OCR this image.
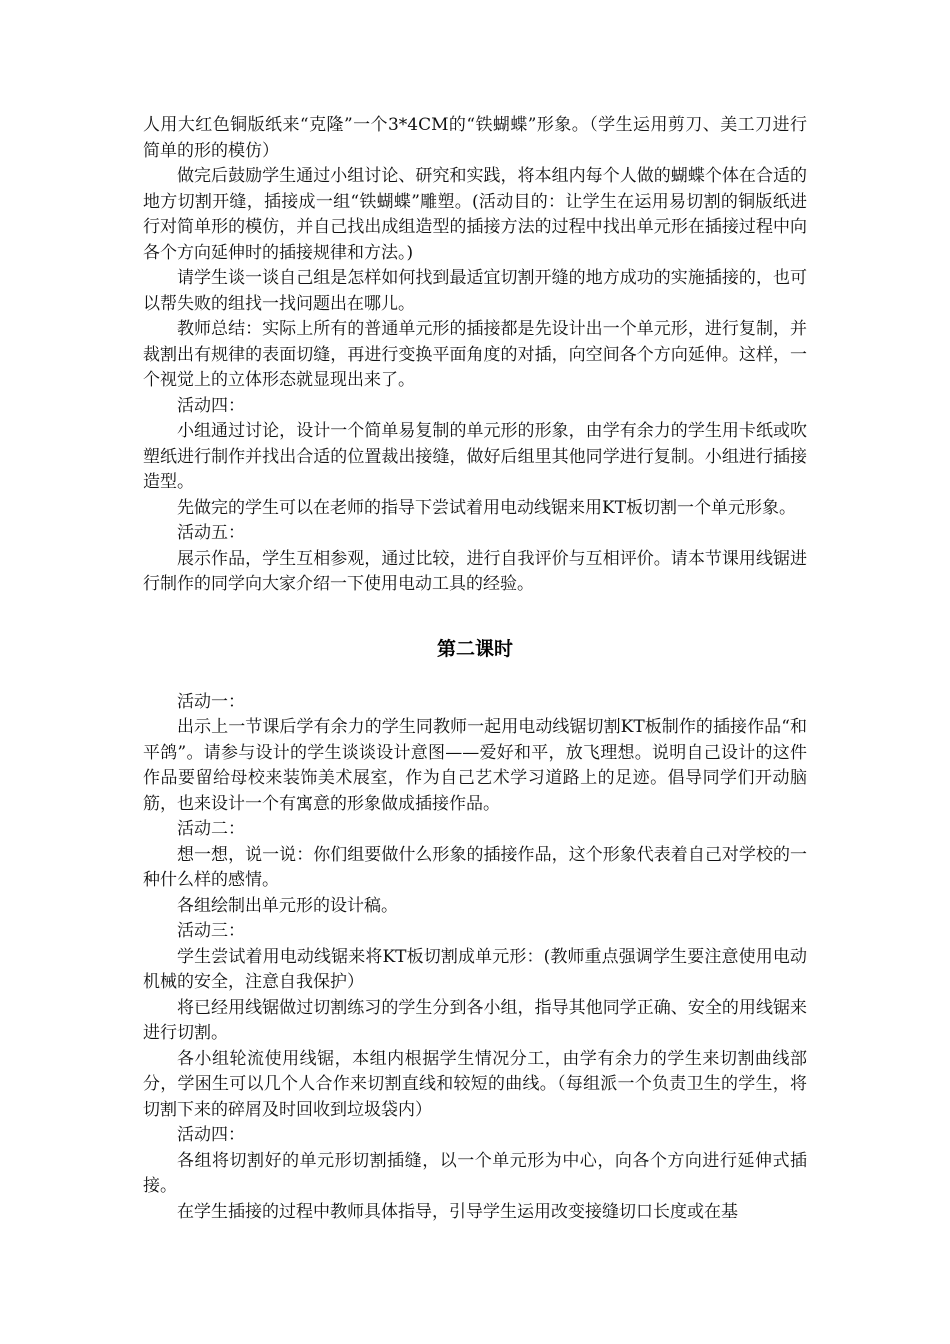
人用大红色铜版纸来“克隆”一个3*4CM的“铁蝴蝶”形象。（学生运用剪刀、美工刀进行简单的形的模仿）

做完后鼓励学生通过小组讨论、研究和实践，将本组内每个人做的蝴蝶个体在合适的地方切割开缝，插接成一组“铁蝴蝶”雕塑。(活动目的：让学生在运用易切割的铜版纸进行对简单形的模仿，并自己找出成组造型的插接方法的过程中找出单元形在插接过程中向各个方向延伸时的插接规律和方法。)

请学生谈一谈自己组是怎样如何找到最适宜切割开缝的地方成功的实施插接的，也可以帮失败的组找一找问题出在哪儿。

教师总结：实际上所有的普通单元形的插接都是先设计出一个单元形，进行复制，并裁割出有规律的表面切缝，再进行变换平面角度的对插，向空间各个方向延伸。这样，一个视觉上的立体形态就显现出来了。

活动四：

小组通过讨论，设计一个简单易复制的单元形的形象，由学有余力的学生用卡纸或吹塑纸进行制作并找出合适的位置裁出接缝，做好后组里其他同学进行复制。小组进行插接造型。

先做完的学生可以在老师的指导下尝试着用电动线锯来用KT板切割一个单元形象。

活动五：

展示作品，学生互相参观，通过比较，进行自我评价与互相评价。请本节课用线锯进行制作的同学向大家介绍一下使用电动工具的经验。

第二课时

活动一：

出示上一节课后学有余力的学生同教师一起用电动线锯切割KT板制作的插接作品“和平鸽”。请参与设计的学生谈谈设计意图——爱好和平，放飞理想。说明自己设计的这件作品要留给母校来装饰美术展室，作为自己艺术学习道路上的足迹。倡导同学们开动脑筋，也来设计一个有寓意的形象做成插接作品。

活动二：

想一想，说一说：你们组要做什么形象的插接作品，这个形象代表着自己对学校的一种什么样的感情。

各组绘制出单元形的设计稿。

活动三：

学生尝试着用电动线锯来将KT板切割成单元形：(教师重点强调学生要注意使用电动机械的安全，注意自我保护）

将已经用线锯做过切割练习的学生分到各小组，指导其他同学正确、安全的用线锯来进行切割。

各小组轮流使用线锯，本组内根据学生情况分工，由学有余力的学生来切割曲线部分，学困生可以几个人合作来切割直线和较短的曲线。（每组派一个负责卫生的学生，将切割下来的碎屑及时回收到垃圾袋内）

活动四：

各组将切割好的单元形切割插缝，以一个单元形为中心，向各个方向进行延伸式插接。

在学生插接的过程中教师具体指导，引导学生运用改变接缝切口长度或在基
